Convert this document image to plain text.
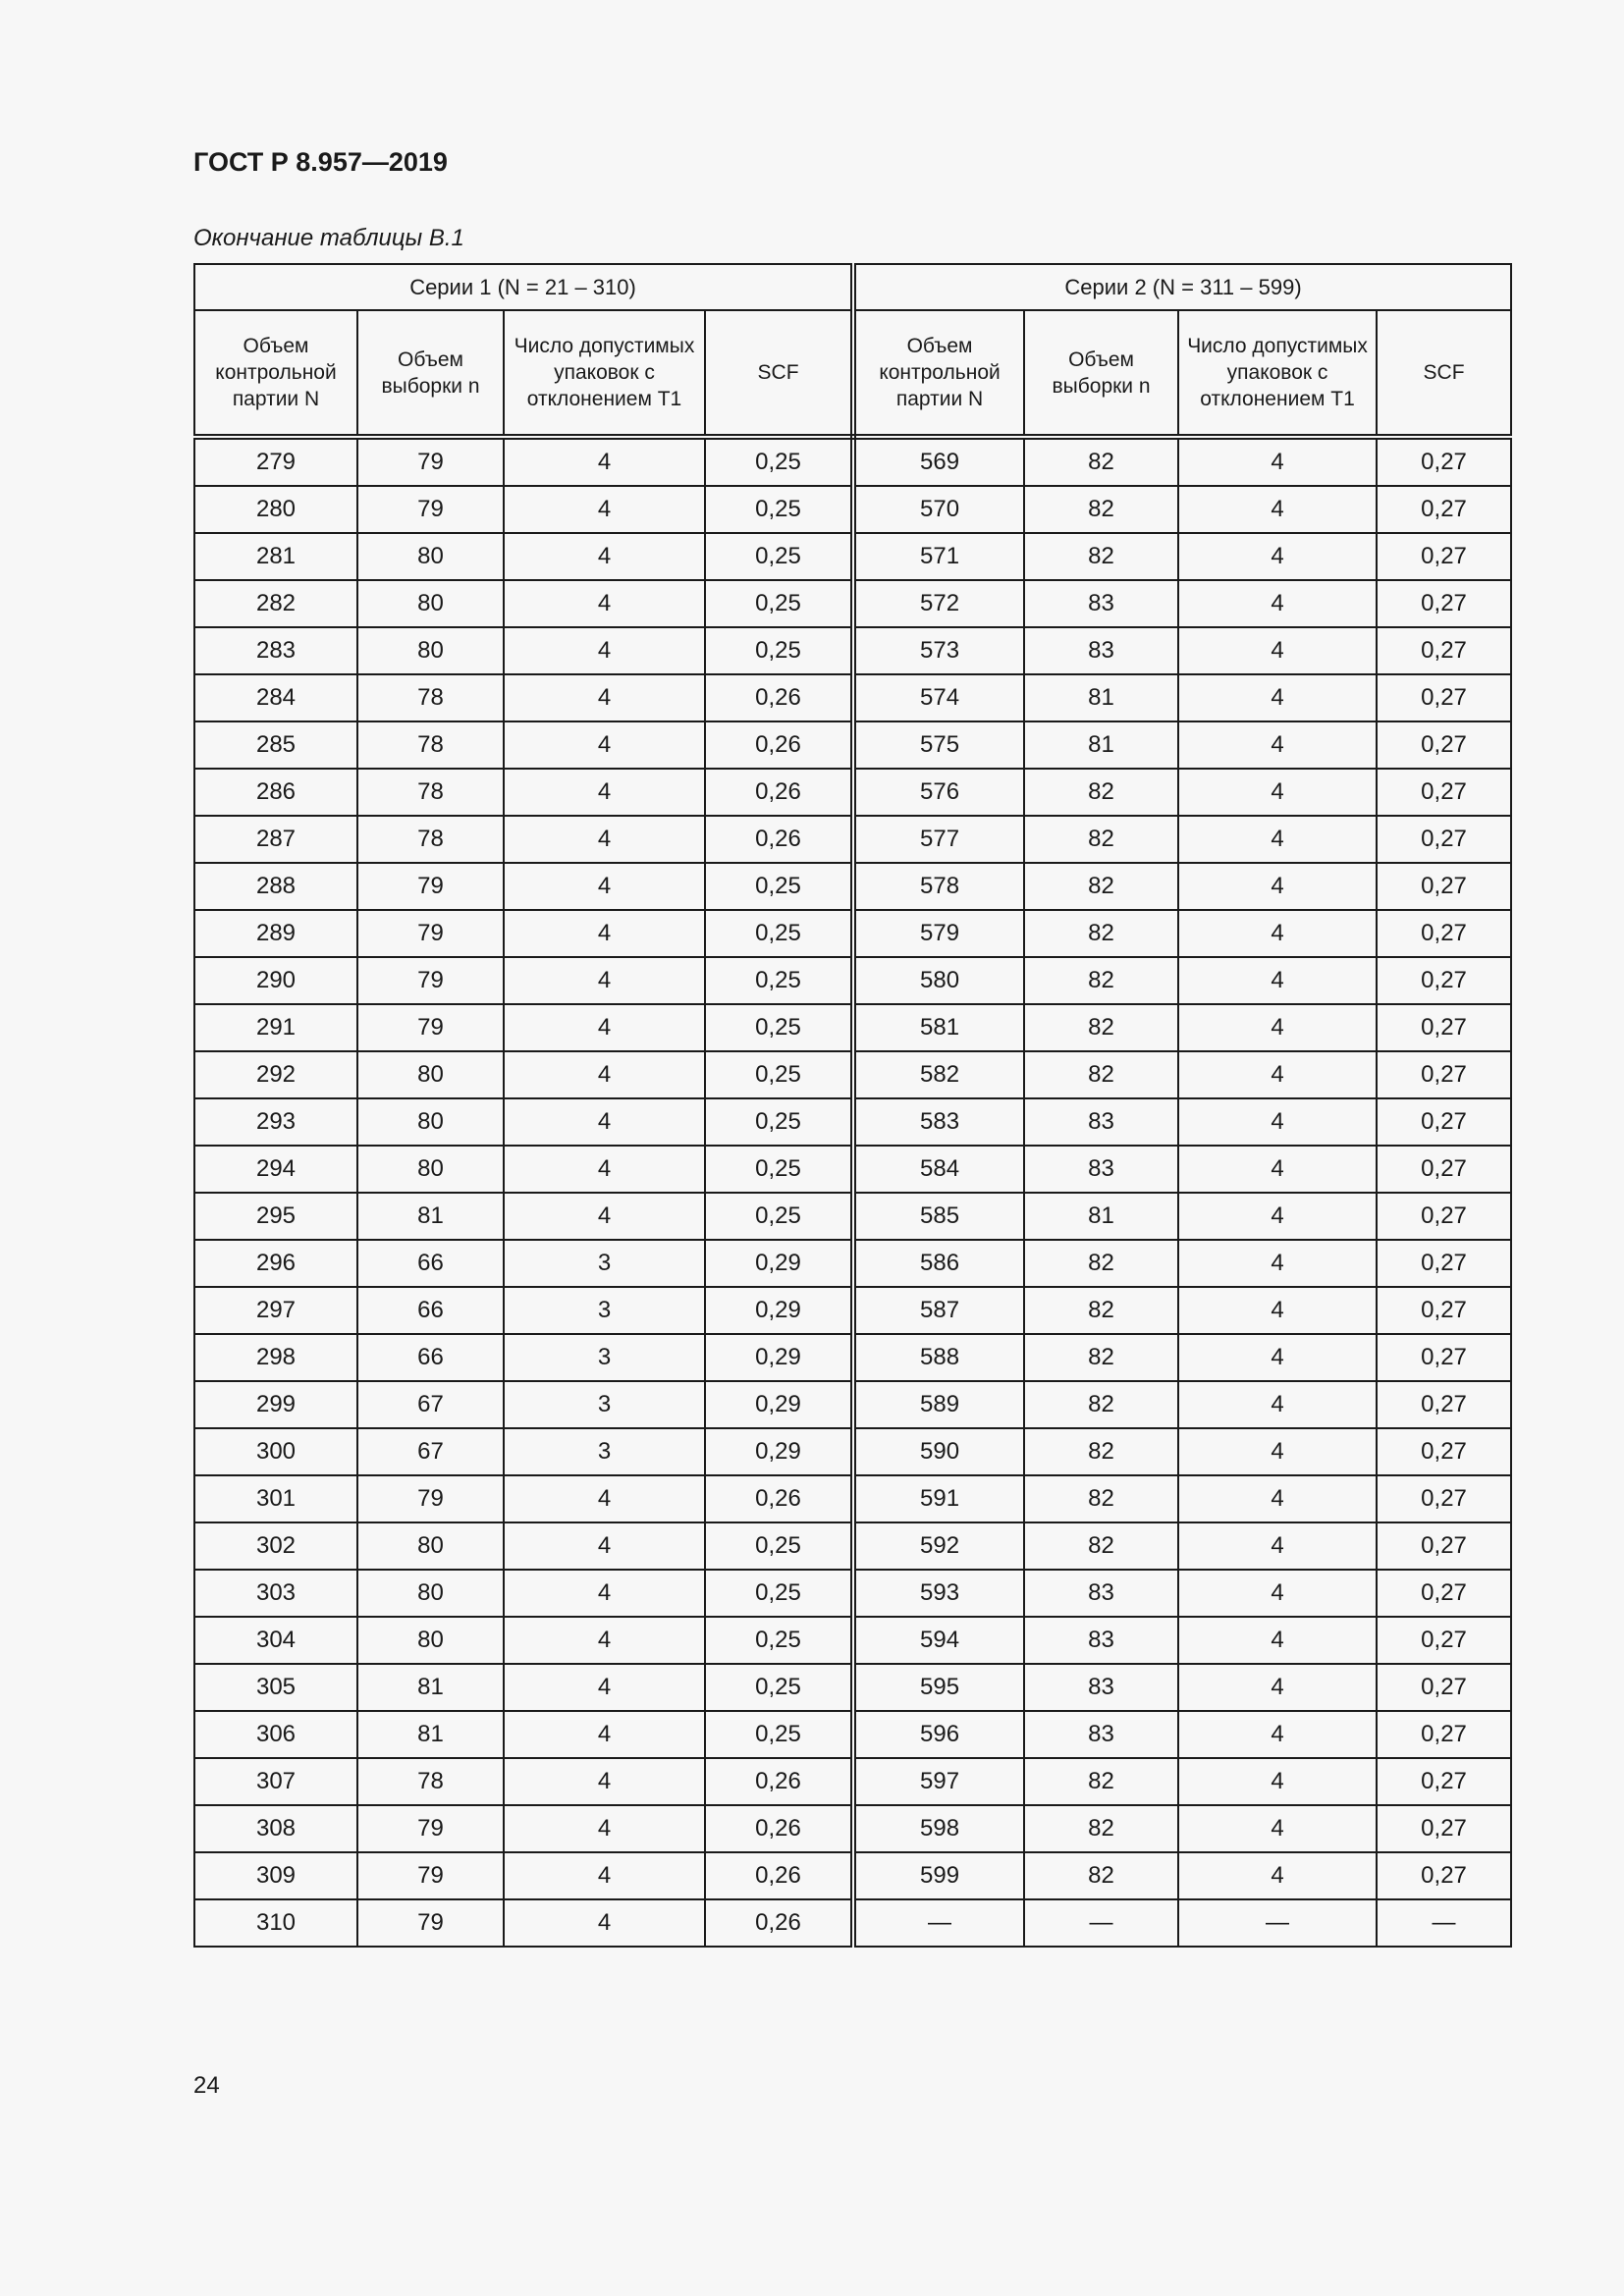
ГОСТ Р 8.957—2019
Окончание таблицы В.1
Серии 1 (N = 21 – 310)				Серии 2 (N = 311 – 599)			
Объем контрольной партии N	Объем выборки n	Число допустимых упаковок с отклонением T1	SCF	Объем контрольной партии N	Объем выборки n	Число допустимых упаковок с отклонением T1	SCF
279	79	4	0,25	569	82	4	0,27
280	79	4	0,25	570	82	4	0,27
281	80	4	0,25	571	82	4	0,27
282	80	4	0,25	572	83	4	0,27
283	80	4	0,25	573	83	4	0,27
284	78	4	0,26	574	81	4	0,27
285	78	4	0,26	575	81	4	0,27
286	78	4	0,26	576	82	4	0,27
287	78	4	0,26	577	82	4	0,27
288	79	4	0,25	578	82	4	0,27
289	79	4	0,25	579	82	4	0,27
290	79	4	0,25	580	82	4	0,27
291	79	4	0,25	581	82	4	0,27
292	80	4	0,25	582	82	4	0,27
293	80	4	0,25	583	83	4	0,27
294	80	4	0,25	584	83	4	0,27
295	81	4	0,25	585	81	4	0,27
296	66	3	0,29	586	82	4	0,27
297	66	3	0,29	587	82	4	0,27
298	66	3	0,29	588	82	4	0,27
299	67	3	0,29	589	82	4	0,27
300	67	3	0,29	590	82	4	0,27
301	79	4	0,26	591	82	4	0,27
302	80	4	0,25	592	82	4	0,27
303	80	4	0,25	593	83	4	0,27
304	80	4	0,25	594	83	4	0,27
305	81	4	0,25	595	83	4	0,27
306	81	4	0,25	596	83	4	0,27
307	78	4	0,26	597	82	4	0,27
308	79	4	0,26	598	82	4	0,27
309	79	4	0,26	599	82	4	0,27
310	79	4	0,26	—	—	—	—
24
